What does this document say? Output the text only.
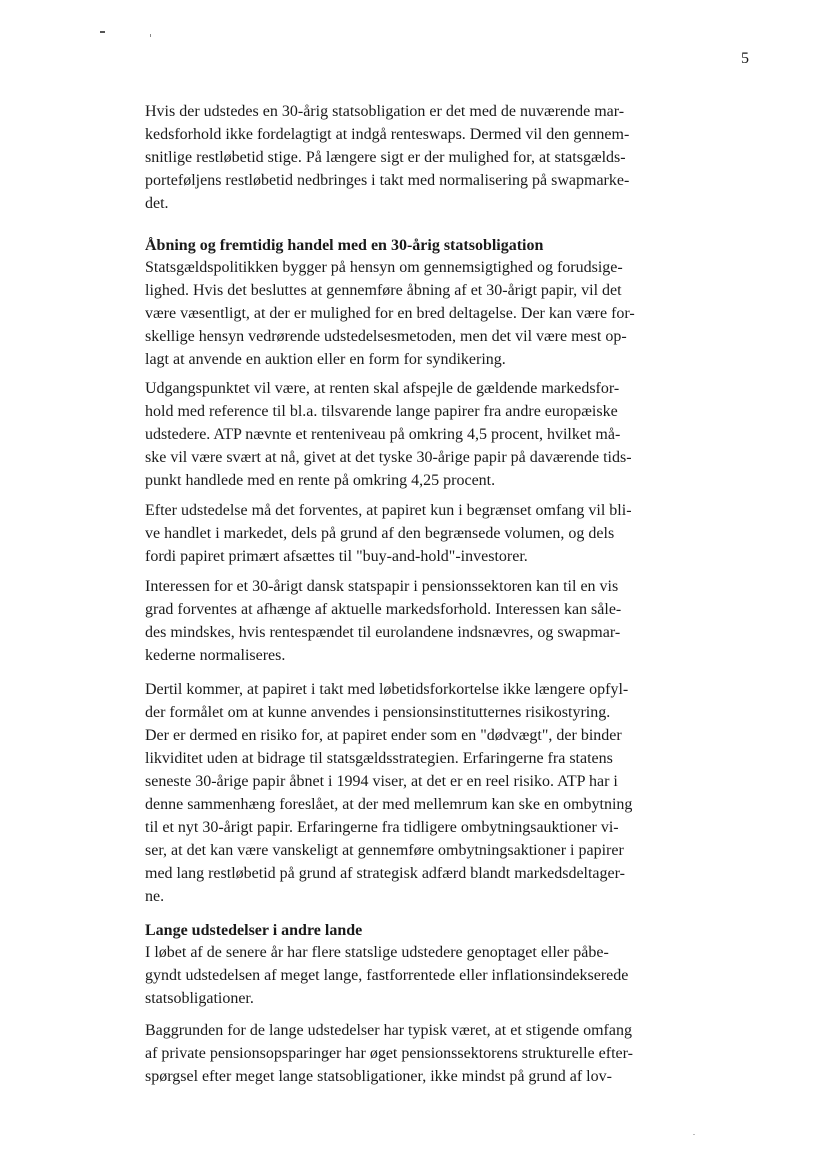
5
Hvis der udstedes en 30-årig statsobligation er det med de nuværende mar-
kedsforhold ikke fordelagtigt at indgå renteswaps. Dermed vil den gennem-
snitlige restløbetid stige. På længere sigt er der mulighed for, at statsgælds-
porteføljens restløbetid nedbringes i takt med normalisering på swapmarke-
det.
Åbning og fremtidig handel med en 30-årig statsobligation
Statsgældspolitikken bygger på hensyn om gennemsigtighed og forudsige-
lighed. Hvis det besluttes at gennemføre åbning af et 30-årigt papir, vil det
være væsentligt, at der er mulighed for en bred deltagelse. Der kan være for-
skellige hensyn vedrørende udstedelsesmetoden, men det vil være mest op-
lagt at anvende en auktion eller en form for syndikering.
Udgangspunktet vil være, at renten skal afspejle de gældende markedsfor-
hold med reference til bl.a. tilsvarende lange papirer fra andre europæiske
udstedere. ATP nævnte et renteniveau på omkring 4,5 procent, hvilket må-
ske vil være svært at nå, givet at det tyske 30-årige papir på daværende tids-
punkt handlede med en rente på omkring 4,25 procent.
Efter udstedelse må det forventes, at papiret kun i begrænset omfang vil bli-
ve handlet i markedet, dels på grund af den begrænsede volumen, og dels
fordi papiret primært afsættes til "buy-and-hold"-investorer.
Interessen for et 30-årigt dansk statspapir i pensionssektoren kan til en vis
grad forventes at afhænge af aktuelle markedsforhold. Interessen kan såle-
des mindskes, hvis rentespændet til eurolandene indsnævres, og swapmar-
kederne normaliseres.
Dertil kommer, at papiret i takt med løbetidsforkortelse ikke længere opfyl-
der formålet om at kunne anvendes i pensionsinstitutternes risikostyring.
Der er dermed en risiko for, at papiret ender som en "dødvægt", der binder
likviditet uden at bidrage til statsgældsstrategien. Erfaringerne fra statens
seneste 30-årige papir åbnet i 1994 viser, at det er en reel risiko. ATP har i
denne sammenhæng foreslået, at der med mellemrum kan ske en ombytning
til et nyt 30-årigt papir. Erfaringerne fra tidligere ombytningsauktioner vi-
ser, at det kan være vanskeligt at gennemføre ombytningsaktioner i papirer
med lang restløbetid på grund af strategisk adfærd blandt markedsdeltager-
ne.
Lange udstedelser i andre lande
I løbet af de senere år har flere statslige udstedere genoptaget eller påbe-
gyndt udstedelsen af meget lange, fastforrentede eller inflationsindekserede
statsobligationer.
Baggrunden for de lange udstedelser har typisk været, at et stigende omfang
af private pensionsopsparinger har øget pensionssektorens strukturelle efter-
spørgsel efter meget lange statsobligationer, ikke mindst på grund af lov-
